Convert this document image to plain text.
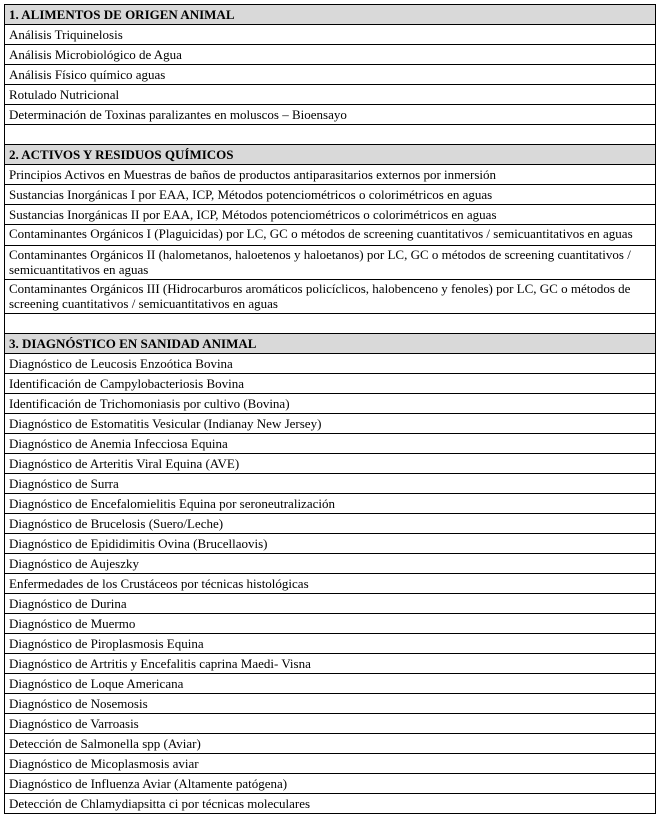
1. ALIMENTOS DE ORIGEN ANIMAL
Análisis Triquinelosis
Análisis Microbiológico de Agua
Análisis Físico químico aguas
Rotulado Nutricional
Determinación de Toxinas paralizantes en moluscos – Bioensayo

2. ACTIVOS Y RESIDUOS QUÍMICOS
Principios Activos en Muestras de baños de productos antiparasitarios externos por inmersión
Sustancias Inorgánicas I por EAA, ICP, Métodos potenciométricos o colorimétricos en aguas
Sustancias Inorgánicas II por EAA, ICP, Métodos potenciométricos o colorimétricos en aguas
Contaminantes Orgánicos I (Plaguicidas) por LC, GC o métodos de screening cuantitativos / semicuantitativos en aguas
Contaminantes Orgánicos II (halometanos, haloetenos y haloetanos) por LC, GC o métodos de screening cuantitativos / semicuantitativos en aguas
Contaminantes Orgánicos III (Hidrocarburos aromáticos policíclicos, halobenceno y fenoles) por LC, GC o métodos de screening cuantitativos / semicuantitativos en aguas

3. DIAGNÓSTICO EN SANIDAD ANIMAL
Diagnóstico de Leucosis Enzoótica Bovina
Identificación de Campylobacteriosis Bovina
Identificación de Trichomoniasis por cultivo (Bovina)
Diagnóstico de Estomatitis Vesicular (Indianay New Jersey)
Diagnóstico de Anemia Infecciosa Equina
Diagnóstico de Arteritis Viral Equina (AVE)
Diagnóstico de Surra
Diagnóstico de Encefalomielitis Equina por seroneutralización
Diagnóstico de Brucelosis (Suero/Leche)
Diagnóstico de Epididimitis Ovina (Brucellaovis)
Diagnóstico de Aujeszky
Enfermedades de los Crustáceos por técnicas histológicas
Diagnóstico de Durina
Diagnóstico de Muermo
Diagnóstico de Piroplasmosis Equina
Diagnóstico de Artritis y Encefalitis caprina Maedi- Visna
Diagnóstico de Loque Americana
Diagnóstico de Nosemosis
Diagnóstico de Varroasis
Detección de Salmonella spp (Aviar)
Diagnóstico de Micoplasmosis aviar
Diagnóstico de Influenza Aviar (Altamente patógena)
Detección de Chlamydiapsitta ci por técnicas moleculares
